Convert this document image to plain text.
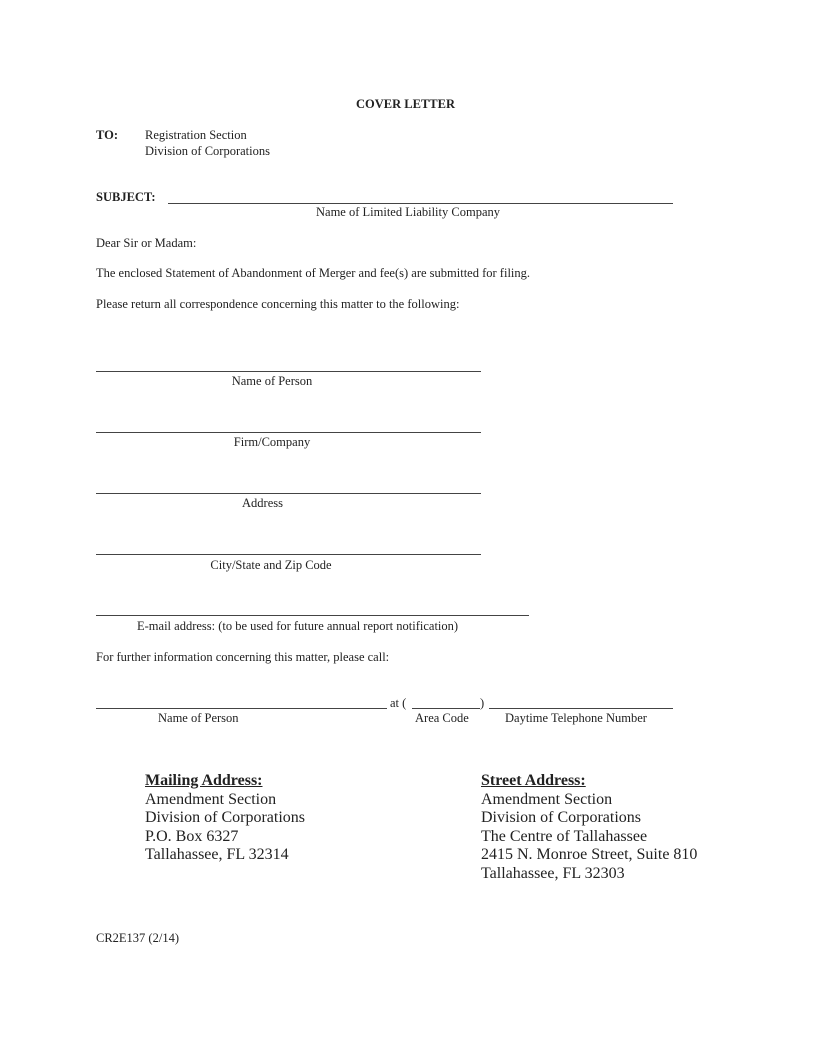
COVER LETTER
TO: Registration Section
Division of Corporations
SUBJECT:
Name of Limited Liability Company
Dear Sir or Madam:
The enclosed Statement of Abandonment of Merger and fee(s) are submitted for filing.
Please return all correspondence concerning this matter to the following:
Name of Person
Firm/Company
Address
City/State and Zip Code
E-mail address: (to be used for future annual report notification)
For further information concerning this matter, please call:
at (	)
Name of Person	Area Code	Daytime Telephone Number
Mailing Address:
Amendment Section
Division of Corporations
P.O. Box 6327
Tallahassee, FL 32314
Street Address:
Amendment Section
Division of Corporations
The Centre of Tallahassee
2415 N. Monroe Street, Suite 810
Tallahassee, FL 32303
CR2E137 (2/14)
